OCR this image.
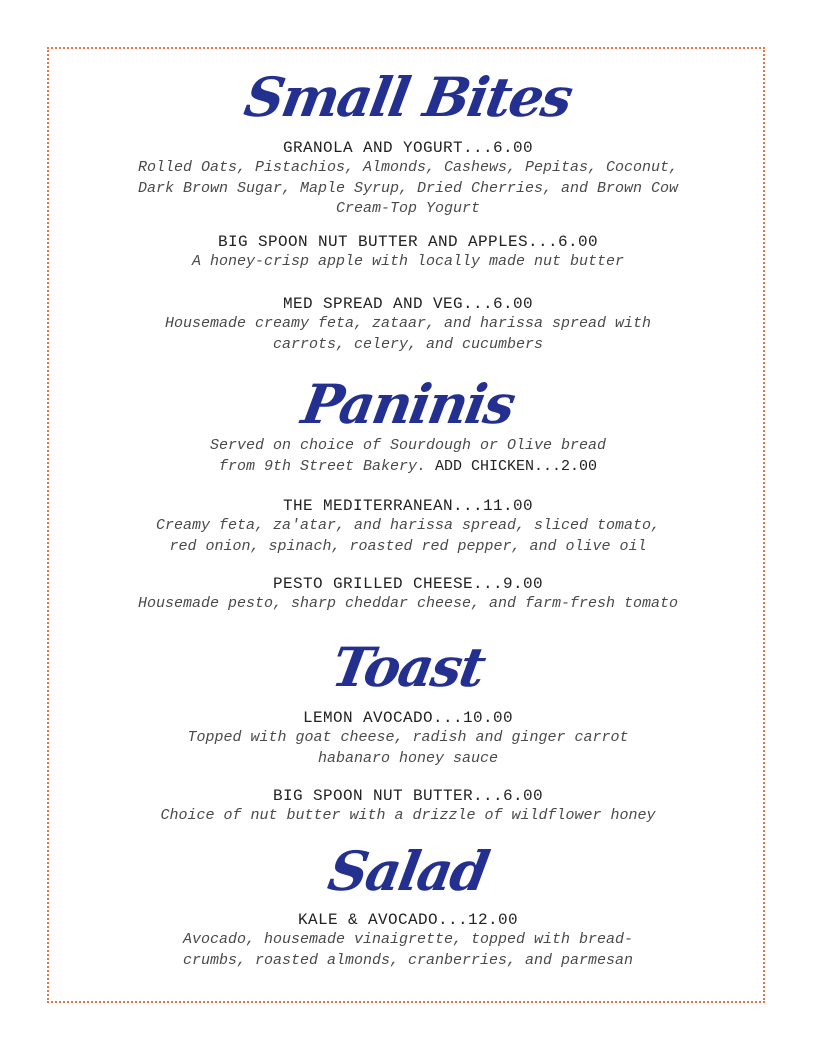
Small Bites
GRANOLA AND YOGURT...6.00
Rolled Oats, Pistachios, Almonds, Cashews, Pepitas, Coconut,
Dark Brown Sugar, Maple Syrup, Dried Cherries, and Brown Cow
Cream-Top Yogurt
BIG SPOON NUT BUTTER AND APPLES...6.00
A honey-crisp apple with locally made nut butter
MED SPREAD AND VEG...6.00
Housemade creamy feta, zataar, and harissa spread with
carrots, celery, and cucumbers
Paninis
Served on choice of Sourdough or Olive bread
from 9th Street Bakery. ADD CHICKEN...2.00
THE MEDITERRANEAN...11.00
Creamy feta, za'atar, and harissa spread, sliced tomato,
red onion, spinach, roasted red pepper, and olive oil
PESTO GRILLED CHEESE...9.00
Housemade pesto, sharp cheddar cheese, and farm-fresh tomato
Toast
LEMON AVOCADO...10.00
Topped with goat cheese, radish and ginger carrot
habanaro honey sauce
BIG SPOON NUT BUTTER...6.00
Choice of nut butter with a drizzle of wildflower honey
Salad
KALE & AVOCADO...12.00
Avocado, housemade vinaigrette, topped with bread-
crumbs, roasted almonds, cranberries, and parmesan
